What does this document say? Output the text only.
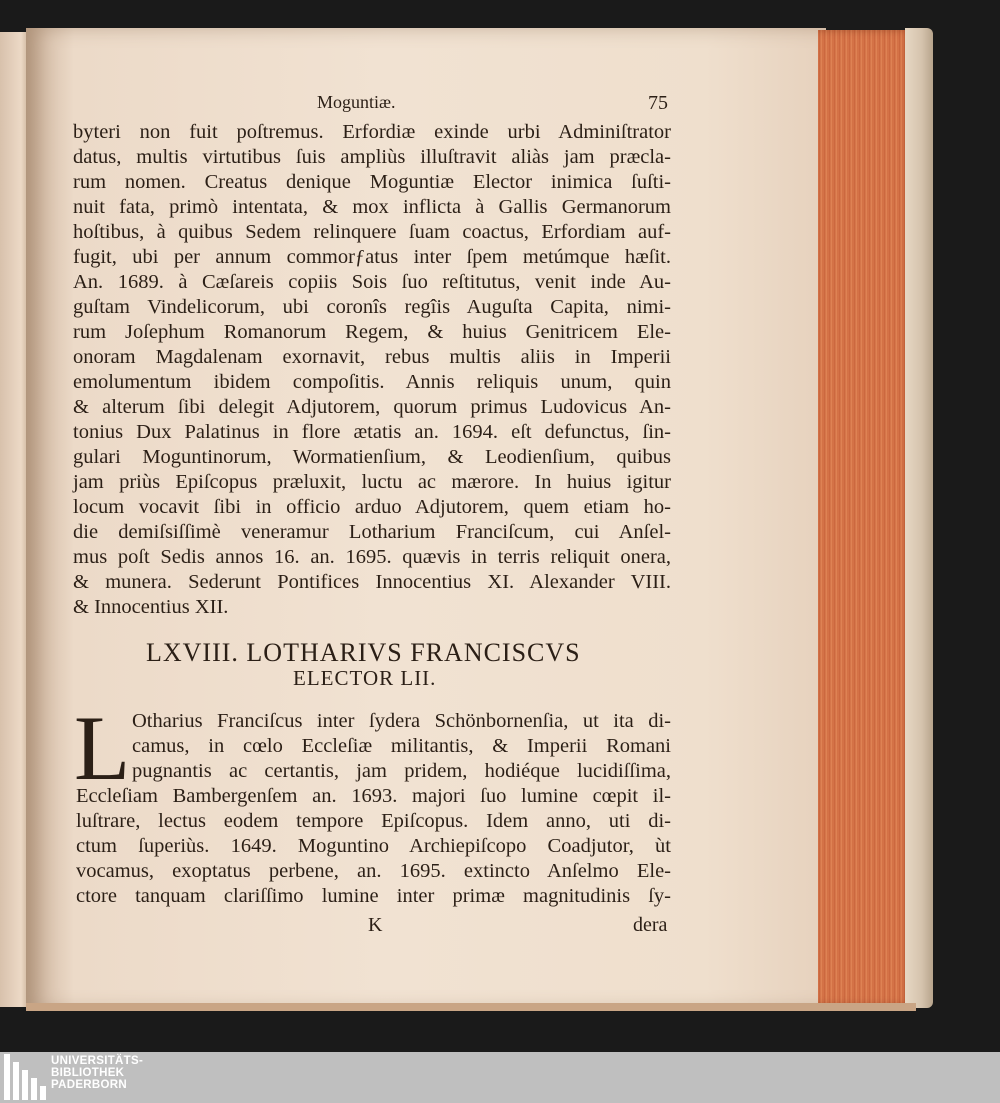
Moguntiæ.	75
byteri non fuit poſtremus. Erfordiæ exinde urbi Adminiſtrator
datus, multis virtutibus ſuis ampliùs illuſtravit aliàs jam præcla-
rum nomen. Creatus denique Moguntiæ Elector inimica ſuſti-
nuit fata, primò intentata, & mox inflicta à Gallis Germanorum
hoſtibus, à quibus Sedem relinquere ſuam coactus, Erfordiam auf-
fugit, ubi per annum commorƒatus inter ſpem metúmque hæſit.
An. 1689. à Cæſareis copiis Sois ſuo reſtitutus, venit inde Au-
guſtam Vindelicorum, ubi coronîs regîis Auguſta Capita, nimi-
rum Joſephum Romanorum Regem, & huius Genitricem Ele-
onoram Magdalenam exornavit, rebus multis aliis in Imperii
emolumentum ibidem compoſitis. Annis reliquis unum, quin
& alterum ſibi delegit Adjutorem, quorum primus Ludovicus An-
tonius Dux Palatinus in flore ætatis an. 1694. eſt defunctus, ſin-
gulari Moguntinorum, Wormatienſium, & Leodienſium, quibus
jam priùs Epiſcopus præluxit, luctu ac mærore. In huius igitur
locum vocavit ſibi in officio arduo Adjutorem, quem etiam ho-
die demiſsiſſimè veneramur Lotharium Franciſcum, cui Anſel-
mus poſt Sedis annos 16. an. 1695. quævis in terris reliquit onera,
& munera. Sederunt Pontifices Innocentius XI. Alexander VIII.
& Innocentius XII.
LXVIII. LOTHARIVS FRANCISCVS
ELECTOR LII.
L Otharius Franciſcus inter ſydera Schönbornenſia, ut ita di-
camus, in cœlo Eccleſiæ militantis, & Imperii Romani
pugnantis ac certantis, jam pridem, hodiéque lucidiſſima,
Eccleſiam Bambergenſem an. 1693. majori ſuo lumine cœpit il-
luſtrare, lectus eodem tempore Epiſcopus. Idem anno, uti di-
ctum ſuperiùs. 1649. Moguntino Archiepiſcopo Coadjutor, ùt
vocamus, exoptatus perbene, an. 1695. extincto Anſelmo Ele-
ctore tanquam clariſſimo lumine inter primæ magnitudinis ſy-
K	dera
UNIVERSITÄTS-
BIBLIOTHEK
PADERBORN
